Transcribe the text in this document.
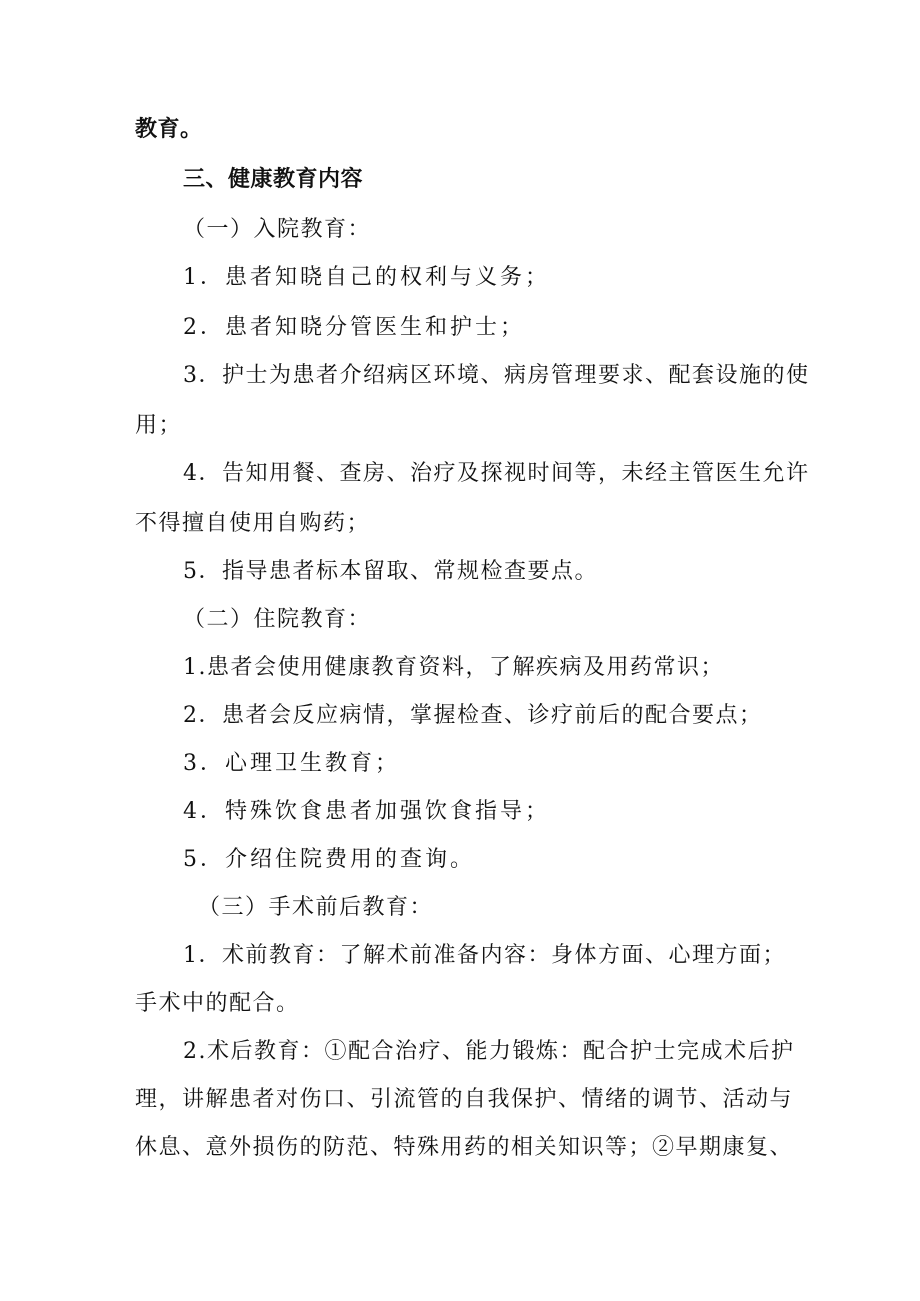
教育。
三、健康教育内容
（一）入院教育：
1．患者知晓自己的权利与义务；
2．患者知晓分管医生和护士；
3．护士为患者介绍病区环境、病房管理要求、配套设施的使
用；
4．告知用餐、查房、治疗及探视时间等，未经主管医生允许
不得擅自使用自购药；
5．指导患者标本留取、常规检查要点。
（二）住院教育：
1.患者会使用健康教育资料，了解疾病及用药常识；
2．患者会反应病情，掌握检查、诊疗前后的配合要点；
3．心理卫生教育；
4．特殊饮食患者加强饮食指导；
5．介绍住院费用的查询。
（三）手术前后教育：
1．术前教育：了解术前准备内容：身体方面、心理方面；
手术中的配合。
2.术后教育：①配合治疗、能力锻炼：配合护士完成术后护
理，讲解患者对伤口、引流管的自我保护、情绪的调节、活动与
休息、意外损伤的防范、特殊用药的相关知识等；②早期康复、
